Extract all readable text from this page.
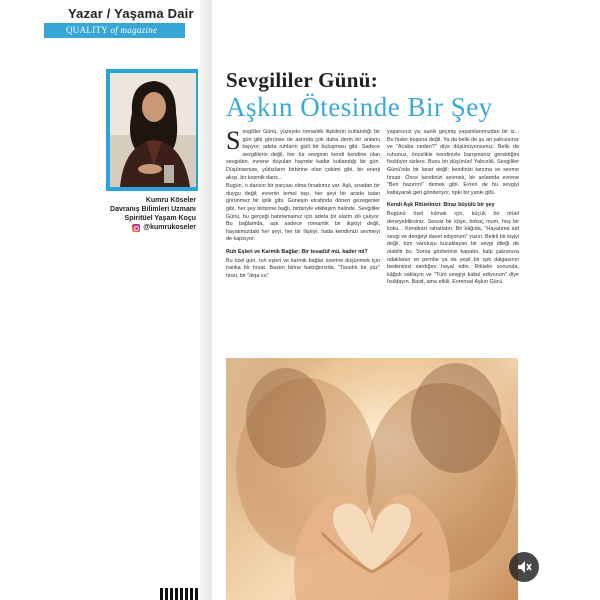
Yazar / Yaşama Dair
QUALITY of magazine
Kumru Köseler
Davranış Bilimleri Uzmanı
Spiritüel Yaşam Koçu
@kumrukoseler
Sevgililer Günü:
Aşkın Ötesinde Bir Şey

Sevgililer Günü, yüzeyde romantik ilişkilerin kutlandığı bir gün gibi görünse de aslında çok daha derin bir anlamı taşıyor; adeta ruhların gizli bir buluşması gibi. Sadece sevgililerin değil, her tür sevginin kendi kendine olan sevgiden, evrene duyulan hayrete kadar kutlandığı bir gün. Düşünsenize, yıldızların birbirine olan çekimi gibi, bir enerji akışı, bir kozmik dans...

Bugün, o dansın bir parçası olma fırsatımız var. Aşk, sıradan bir duygu değil; evrenin temel taşı, her şeyi bir arada tutan görünmez bir iplik gibi. Güneşin etrafında dönen gezegenler gibi, her şey birbirine bağlı, birbiriyle etkileşim halinde. Sevgililer Günü, bu gerçeği hatırlamamız için adeta bir alarm zili çalıyor. Bu bağlamda, aşk sadece romantik bir ilişkiyi değil, hayatımızdaki her şeyi, her bir ilişkiyi, hatta kendimizi sevmeyi de kapsıyor.

Ruh Eşleri ve Karmik Bağlar: Bir tesadüf mü, kader mi?

Bu özel gün, ruh eşleri ve karmik bağlar üzerine düşünmek için harika bir fırsat. Bazen birine baktığınızda, "Tanıdık bir yüz" hissi, bir "deja vu"

yaşarsınız ya; sanki geçmiş yaşamlarımızdan bir iz... Bu hisler boşuna değil. Ya da belki de şu an yalnızsınız ve "Acaba neden?" diye düşünüyorsunuz. Belki de ruhunuz, öncelikle kendinizle barışmanız gerektiğini fısıldıyor sizlere. Bunu bir düşünün! Yalnızlık, Sevgililer Günü'nde bir lanet değil; kendinizi tanıma ve sevme fırsatı. Önce kendinizi sevmek, bir anlamda evrene "Ben hazırım!" demek gibi. Evren de bu sevgiyi katlayarak geri gönderiyor, tıpkı bir yankı gibi.

Kendi Aşk Ritüelinizi: Biraz büyülü bir şey

Bugünü özel kılmak için, küçük bir ritüel deneyebilirsiniz. Sessiz bir köşe, birkaç mum, hoş bir koku... Kendinizi rahatlatın. Bir kâğıda, "Hayatıma saf sevgi ve dengeyi davet ediyorum" yazın. Belirli bir kişiyi değil, tüm varoluşu kucaklayan bir sevgi dileği de olabilir bu. Sonra gözlerinizi kapatın, kalp çakranıza odaklanın ve pembe ya da yeşil bir ışık dalgasının bedeninizi sardığını hayal edin. Ritüelin sonunda, kâğıdı saklayın ve "Tüm sevgiyi kabul ediyorum" diye fısıldayın. Basit, ama etkili. Evrensel Aşkın Gücü
